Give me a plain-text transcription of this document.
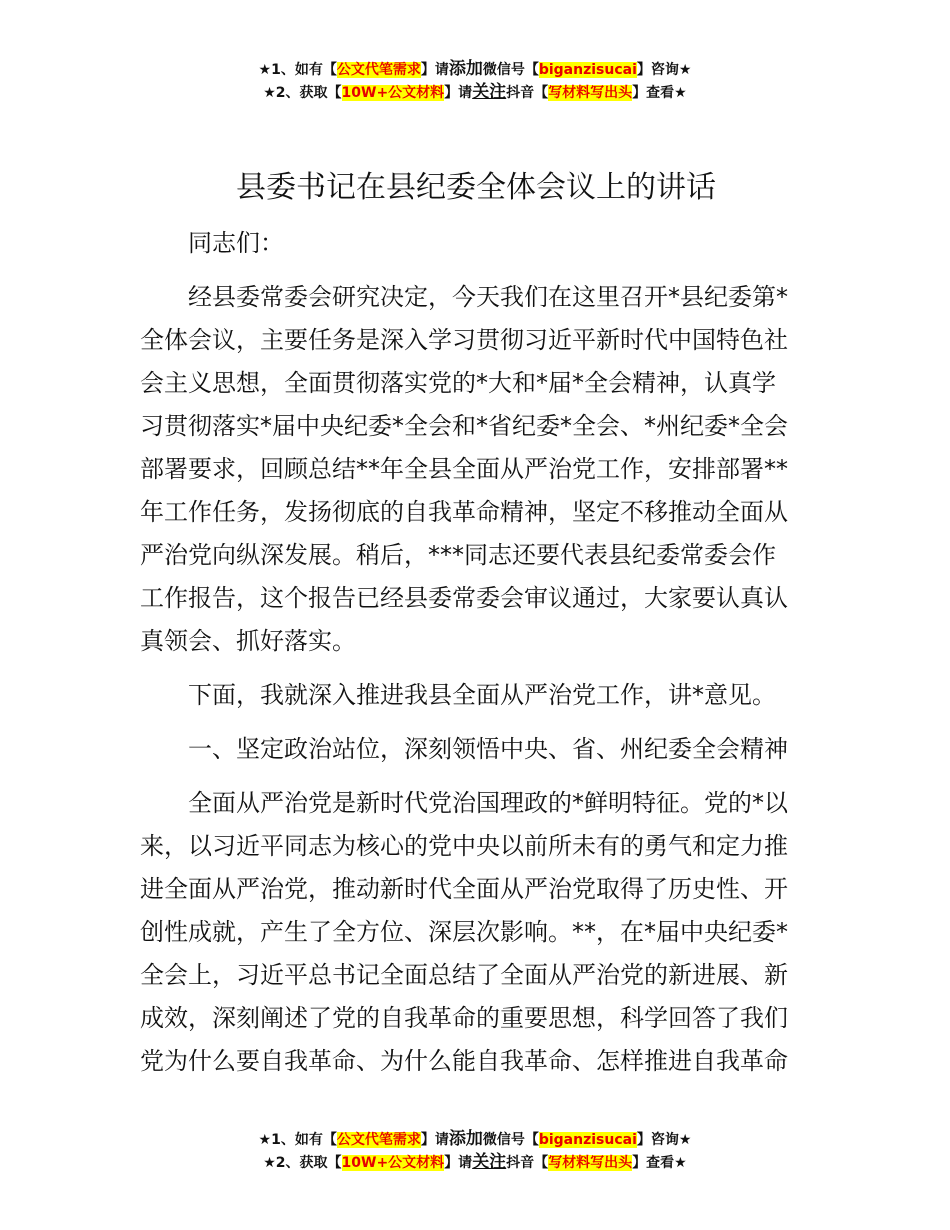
★1、如有【公文代笔需求】请添加微信号【biganzisucai】咨询★
★2、获取【10W+公文材料】请关注抖音【写材料写出头】查看★
县委书记在县纪委全体会议上的讲话
同志们：
经县委常委会研究决定，今天我们在这里召开*县纪委第*
全体会议，主要任务是深入学习贯彻习近平新时代中国特色社
会主义思想，全面贯彻落实党的*大和*届*全会精神，认真学
习贯彻落实*届中央纪委*全会和*省纪委*全会、*州纪委*全会
部署要求，回顾总结**年全县全面从严治党工作，安排部署**
年工作任务，发扬彻底的自我革命精神，坚定不移推动全面从
严治党向纵深发展。稍后，***同志还要代表县纪委常委会作
工作报告，这个报告已经县委常委会审议通过，大家要认真认
真领会、抓好落实。
下面，我就深入推进我县全面从严治党工作，讲*意见。
一、坚定政治站位，深刻领悟中央、省、州纪委全会精神
全面从严治党是新时代党治国理政的*鲜明特征。党的*以
来，以习近平同志为核心的党中央以前所未有的勇气和定力推
进全面从严治党，推动新时代全面从严治党取得了历史性、开
创性成就，产生了全方位、深层次影响。**，在*届中央纪委*
全会上，习近平总书记全面总结了全面从严治党的新进展、新
成效，深刻阐述了党的自我革命的重要思想，科学回答了我们
党为什么要自我革命、为什么能自我革命、怎样推进自我革命
★1、如有【公文代笔需求】请添加微信号【biganzisucai】咨询★
★2、获取【10W+公文材料】请关注抖音【写材料写出头】查看★
